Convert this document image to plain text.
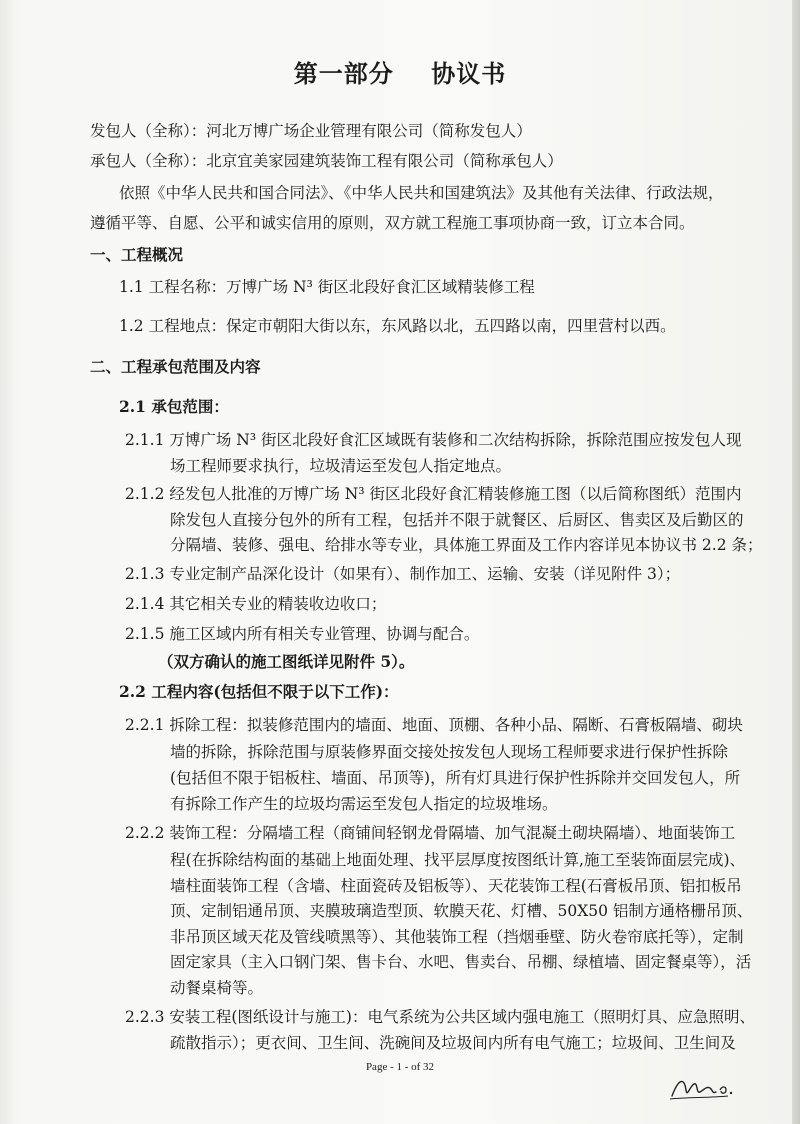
第一部分    协议书
发包人（全称）：河北万博广场企业管理有限公司（简称发包人）
承包人（全称）：北京宜美家园建筑装饰工程有限公司（简称承包人）
依照《中华人民共和国合同法》、《中华人民共和国建筑法》及其他有关法律、行政法规，
遵循平等、自愿、公平和诚实信用的原则，双方就工程施工事项协商一致，订立本合同。
一、工程概况
1.1 工程名称：万博广场 N³ 街区北段好食汇区域精装修工程
1.2 工程地点：保定市朝阳大街以东，东风路以北，五四路以南，四里营村以西。
二、工程承包范围及内容
2.1 承包范围：
2.1.1 万博广场 N³ 街区北段好食汇区域既有装修和二次结构拆除，拆除范围应按发包人现
场工程师要求执行，垃圾清运至发包人指定地点。
2.1.2 经发包人批准的万博广场 N³ 街区北段好食汇精装修施工图（以后简称图纸）范围内
除发包人直接分包外的所有工程，包括并不限于就餐区、后厨区、售卖区及后勤区的
分隔墙、装修、强电、给排水等专业，具体施工界面及工作内容详见本协议书 2.2 条；
2.1.3 专业定制产品深化设计（如果有）、制作加工、运输、安装（详见附件 3）；
2.1.4 其它相关专业的精装收边收口；
2.1.5 施工区域内所有相关专业管理、协调与配合。
（双方确认的施工图纸详见附件 5）。
2.2 工程内容(包括但不限于以下工作)：
2.2.1 拆除工程：拟装修范围内的墙面、地面、顶棚、各种小品、隔断、石膏板隔墙、砌块
墙的拆除，拆除范围与原装修界面交接处按发包人现场工程师要求进行保护性拆除
(包括但不限于铝板柱、墙面、吊顶等)，所有灯具进行保护性拆除并交回发包人，所
有拆除工作产生的垃圾均需运至发包人指定的垃圾堆场。
2.2.2 装饰工程：分隔墙工程（商铺间轻钢龙骨隔墙、加气混凝土砌块隔墙）、地面装饰工
程(在拆除结构面的基础上地面处理、找平层厚度按图纸计算,施工至装饰面层完成)、
墙柱面装饰工程（含墙、柱面瓷砖及铝板等）、天花装饰工程(石膏板吊顶、铝扣板吊
顶、定制铝通吊顶、夹膜玻璃造型顶、软膜天花、灯槽、50X50 铝制方通格栅吊顶、
非吊顶区域天花及管线喷黑等）、其他装饰工程（挡烟垂壁、防火卷帘底托等），定制
固定家具（主入口钢门架、售卡台、水吧、售卖台、吊棚、绿植墙、固定餐桌等），活
动餐桌椅等。
2.2.3 安装工程(图纸设计与施工)：电气系统为公共区域内强电施工（照明灯具、应急照明、
疏散指示）；更衣间、卫生间、洗碗间及垃圾间内所有电气施工；垃圾间、卫生间及
Page - 1 - of 32
